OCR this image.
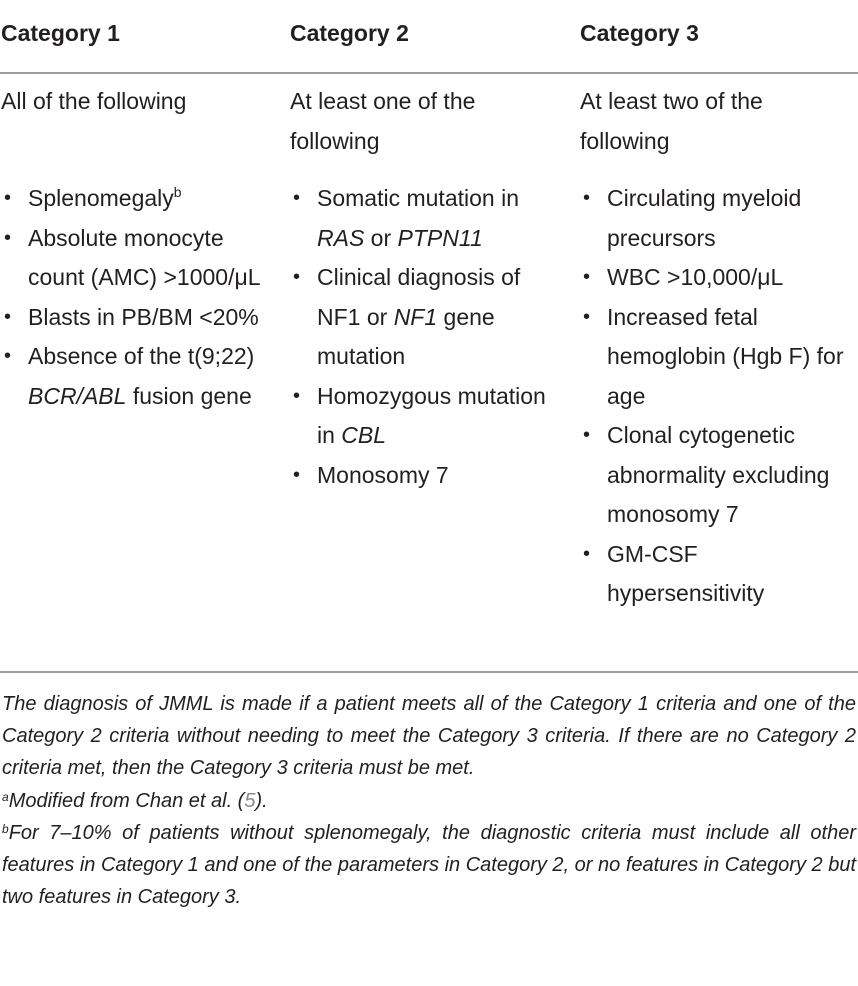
Category 1	Category 2	Category 3

All of the following

• Splenomegaly$^b$
• Absolute monocyte count (AMC) >1000/μL
• Blasts in PB/BM <20%
• Absence of the t(9;22) BCR/ABL fusion gene

At least one of the following

• Somatic mutation in RAS or PTPN11
• Clinical diagnosis of NF1 or NF1 gene mutation
• Homozygous mutation in CBL
• Monosomy 7

At least two of the following

• Circulating myeloid precursors
• WBC >10,000/μL
• Increased fetal hemoglobin (Hgb F) for age
• Clonal cytogenetic abnormality excluding monosomy 7
• GM-CSF hypersensitivity

The diagnosis of JMML is made if a patient meets all of the Category 1 criteria and one of the Category 2 criteria without needing to meet the Category 3 criteria. If there are no Category 2 criteria met, then the Category 3 criteria must be met.

$^a$Modified from Chan et al. (5).

$^b$For 7–10% of patients without splenomegaly, the diagnostic criteria must include all other features in Category 1 and one of the parameters in Category 2, or no features in Category 2 but two features in Category 3.
